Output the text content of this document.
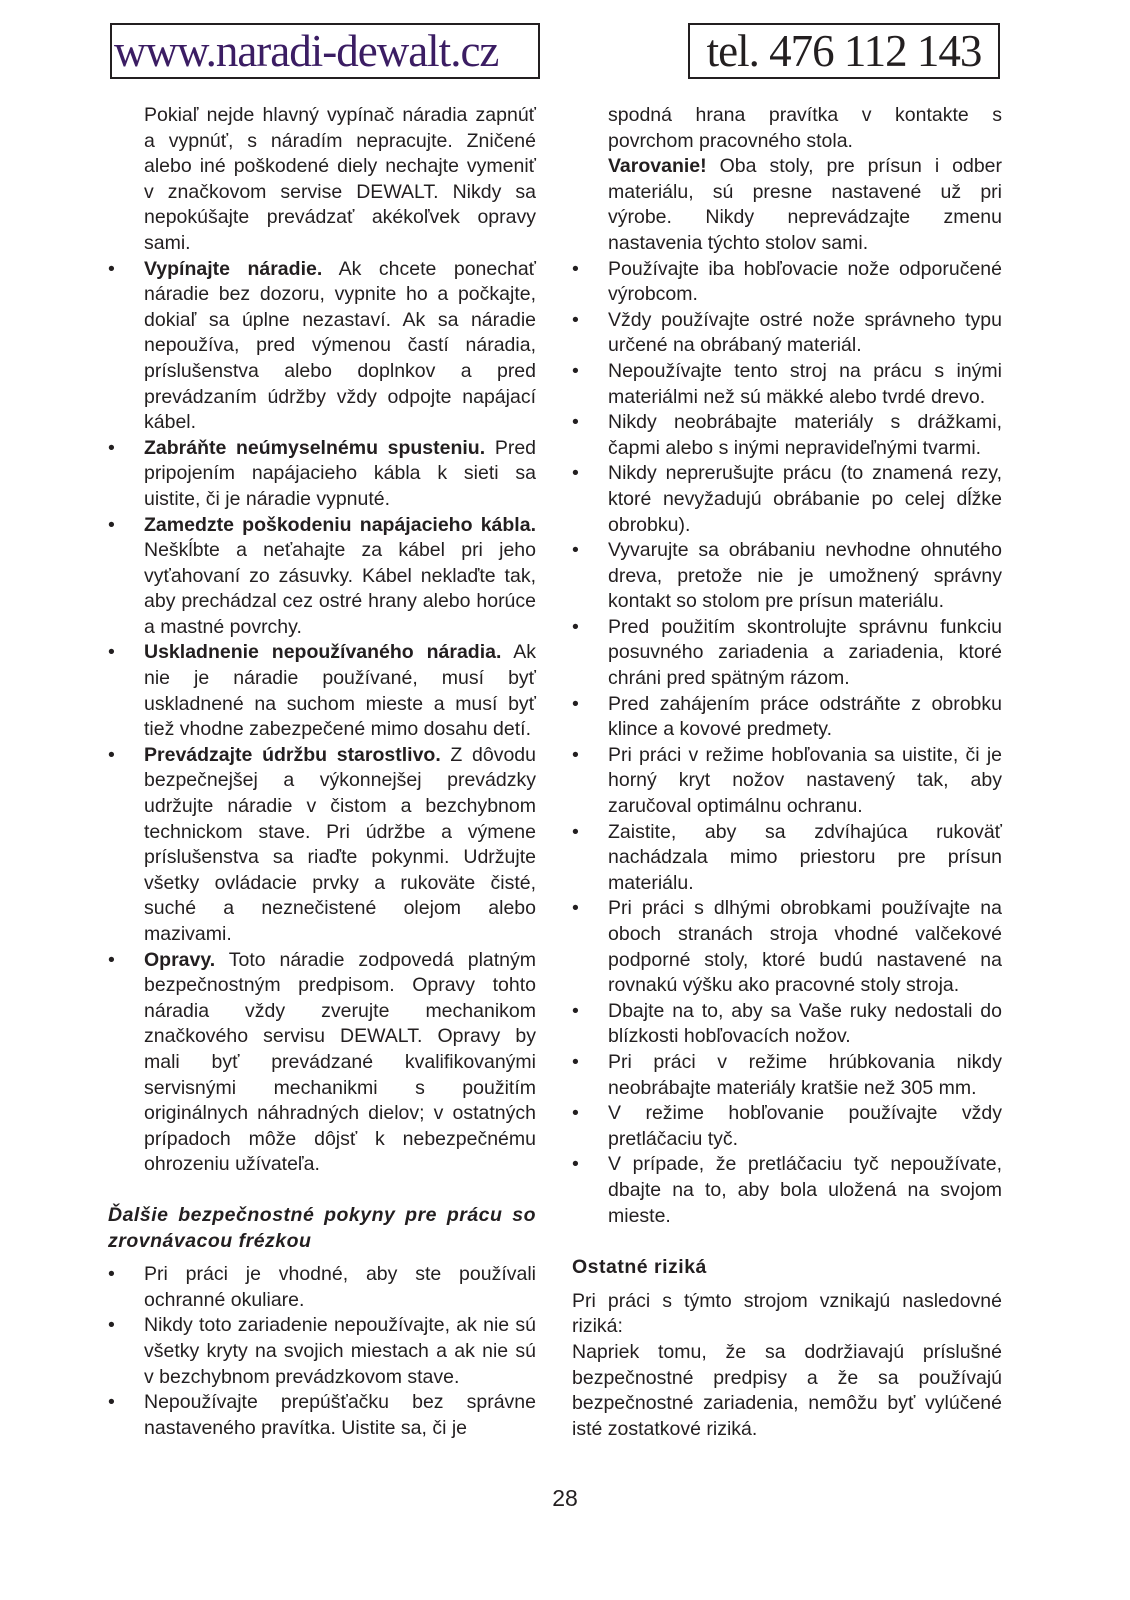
www.naradi-dewalt.cz	tel. 476 112 143
Pokiaľ nejde hlavný vypínač náradia zapnúť a vypnúť, s náradím nepracujte. Zničené alebo iné poškodené diely nechajte vymeniť v značkovom servise DEWALT. Nikdy sa nepokúšajte prevádzať akékoľvek opravy sami.
• Vypínajte náradie. Ak chcete ponechať náradie bez dozoru, vypnite ho a počkajte, dokiaľ sa úplne nezastaví. Ak sa náradie nepoužíva, pred výmenou častí náradia, príslušenstva alebo doplnkov a pred prevádzaním údržby vždy odpojte napájací kábel.
• Zabráňte neúmyselnému spusteniu. Pred pripojením napájacieho kábla k sieti sa uistite, či je náradie vypnuté.
• Zamedzte poškodeniu napájacieho kábla. Neškĺbte a neťahajte za kábel pri jeho vyťahovaní zo zásuvky. Kábel neklaďte tak, aby prechádzal cez ostré hrany alebo horúce a mastné povrchy.
• Uskladnenie nepoužívaného náradia. Ak nie je náradie používané, musí byť uskladnené na suchom mieste a musí byť tiež vhodne zabezpečené mimo dosahu detí.
• Prevádzajte údržbu starostlivo. Z dôvodu bezpečnejšej a výkonnejšej prevádzky udržujte náradie v čistom a bezchybnom technickom stave. Pri údržbe a výmene príslušenstva sa riaďte pokynmi. Udržujte všetky ovládacie prvky a rukoväte čisté, suché a neznečistené olejom alebo mazivami.
• Opravy. Toto náradie zodpovedá platným bezpečnostným predpisom. Opravy tohto náradia vždy zverujte mechanikom značkového servisu DEWALT. Opravy by mali byť prevádzané kvalifikovanými servisnými mechanikmi s použitím originálnych náhradných dielov; v ostatných prípadoch môže dôjsť k nebezpečnému ohrozeniu užívateľa.
Ďalšie bezpečnostné pokyny pre prácu so zrovnávacou frézkou
• Pri práci je vhodné, aby ste používali ochranné okuliare.
• Nikdy toto zariadenie nepoužívajte, ak nie sú všetky kryty na svojich miestach a ak nie sú v bezchybnom prevádzkovom stave.
• Nepoužívajte prepúšťačku bez správne nastaveného pravítka. Uistite sa, či je
spodná hrana pravítka v kontakte s povrchom pracovného stola.
Varovanie! Oba stoly, pre prísun i odber materiálu, sú presne nastavené už pri výrobe. Nikdy neprevádzajte zmenu nastavenia týchto stolov sami.
• Používajte iba hobľovacie nože odporučené výrobcom.
• Vždy používajte ostré nože správneho typu určené na obrábaný materiál.
• Nepoužívajte tento stroj na prácu s inými materiálmi než sú mäkké alebo tvrdé drevo.
• Nikdy neobrábajte materiály s drážkami, čapmi alebo s inými nepravideľnými tvarmi.
• Nikdy neprerušujte prácu (to znamená rezy, ktoré nevyžadujú obrábanie po celej dĺžke obrobku).
• Vyvarujte sa obrábaniu nevhodne ohnutého dreva, pretože nie je umožnený správny kontakt so stolom pre prísun materiálu.
• Pred použitím skontrolujte správnu funkciu posuvného zariadenia a zariadenia, ktoré chráni pred spätným rázom.
• Pred zahájením práce odstráňte z obrobku klince a kovové predmety.
• Pri práci v režime hobľovania sa uistite, či je horný kryt nožov nastavený tak, aby zaručoval optimálnu ochranu.
• Zaistite, aby sa zdvíhajúca rukoväť nachádzala mimo priestoru pre prísun materiálu.
• Pri práci s dlhými obrobkami používajte na oboch stranách stroja vhodné valčekové podporné stoly, ktoré budú nastavené na rovnakú výšku ako pracovné stoly stroja.
• Dbajte na to, aby sa Vaše ruky nedostali do blízkosti hobľovacích nožov.
• Pri práci v režime hrúbkovania nikdy neobrábajte materiály kratšie než 305 mm.
• V režime hobľovanie používajte vždy pretláčaciu tyč.
• V prípade, že pretláčaciu tyč nepoužívate, dbajte na to, aby bola uložená na svojom mieste.
Ostatné riziká
Pri práci s týmto strojom vznikajú nasledovné riziká:
Napriek tomu, že sa dodržiavajú príslušné bezpečnostné predpisy a že sa používajú bezpečnostné zariadenia, nemôžu byť vylúčené isté zostatkové riziká.
28
